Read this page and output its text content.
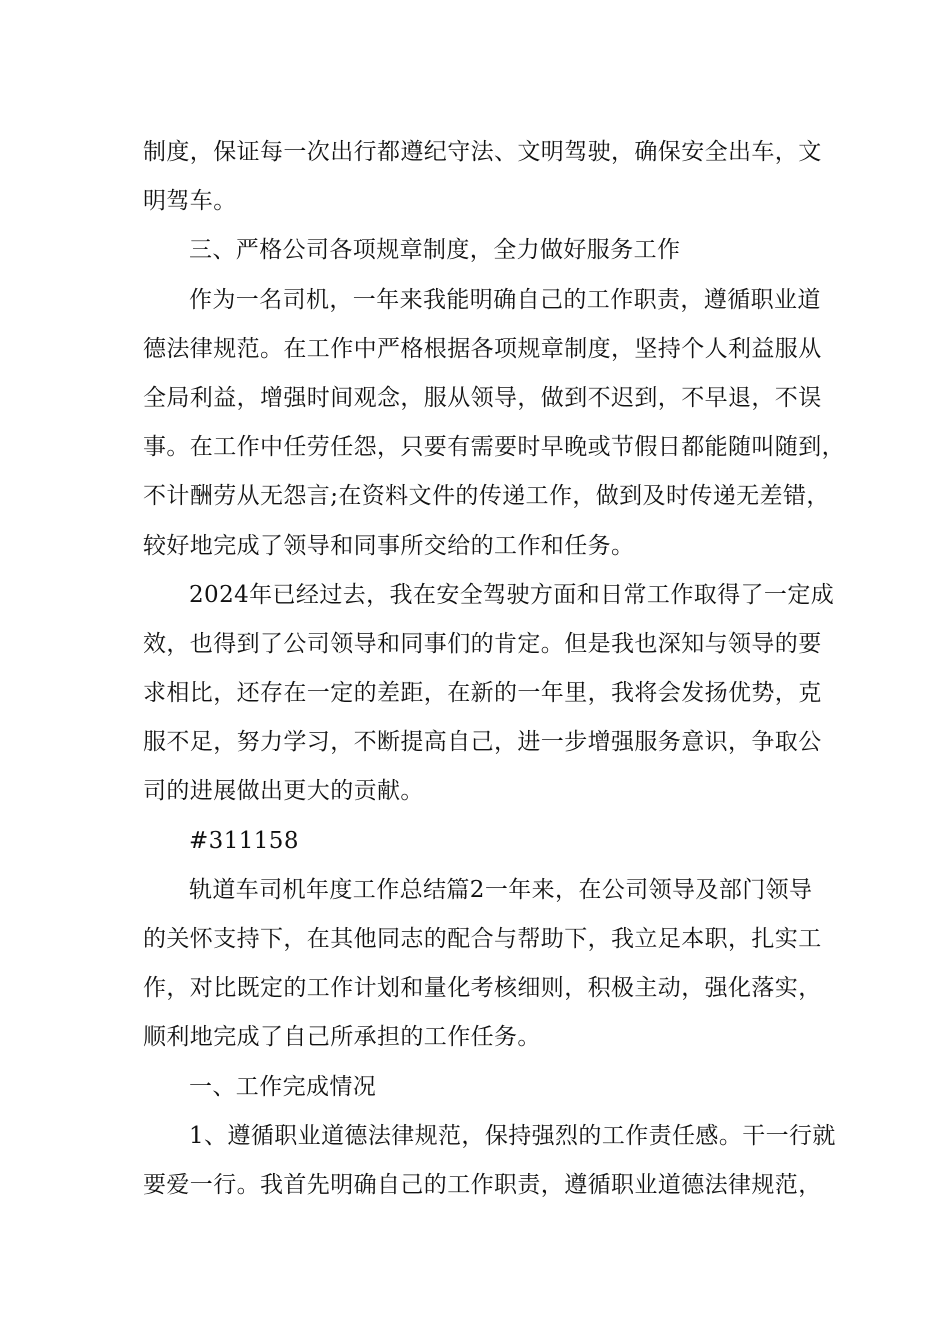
制度，保证每一次出行都遵纪守法、文明驾驶，确保安全出车，文
明驾车。
三、严格公司各项规章制度，全力做好服务工作
作为一名司机，一年来我能明确自己的工作职责，遵循职业道
德法律规范。在工作中严格根据各项规章制度，坚持个人利益服从
全局利益，增强时间观念，服从领导，做到不迟到，不早退，不误
事。在工作中任劳任怨，只要有需要时早晚或节假日都能随叫随到，
不计酬劳从无怨言;在资料文件的传递工作，做到及时传递无差错，
较好地完成了领导和同事所交给的工作和任务。
2024年已经过去，我在安全驾驶方面和日常工作取得了一定成
效，也得到了公司领导和同事们的肯定。但是我也深知与领导的要
求相比，还存在一定的差距，在新的一年里，我将会发扬优势，克
服不足，努力学习，不断提高自己，进一步增强服务意识，争取公
司的进展做出更大的贡献。
#311158
轨道车司机年度工作总结篇2一年来，在公司领导及部门领导
的关怀支持下，在其他同志的配合与帮助下，我立足本职，扎实工
作，对比既定的工作计划和量化考核细则，积极主动，强化落实，
顺利地完成了自己所承担的工作任务。
一、工作完成情况
1、遵循职业道德法律规范，保持强烈的工作责任感。干一行就
要爱一行。我首先明确自己的工作职责，遵循职业道德法律规范，
